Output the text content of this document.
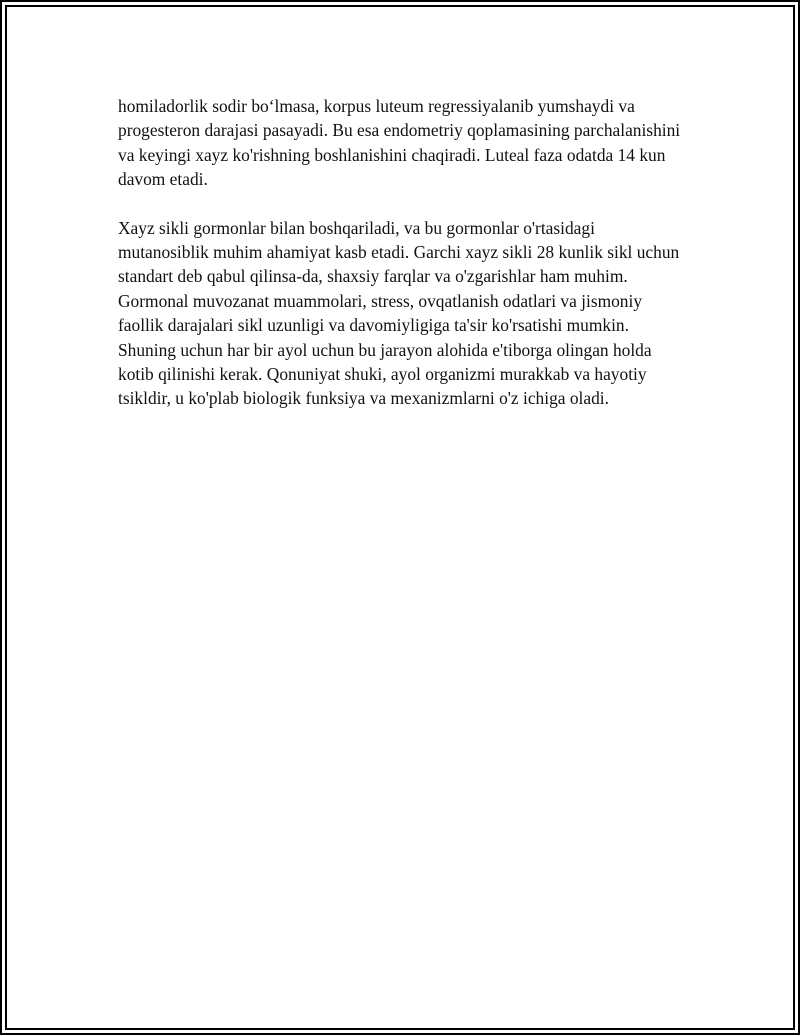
homiladorlik sodir bo‘lmasa, korpus luteum regressiyalanib yumshaydi va progesteron darajasi pasayadi. Bu esa endometriy qoplamasining parchalanishini va keyingi xayz ko'rishning boshlanishini chaqiradi. Luteal faza odatda 14 kun davom etadi.

Xayz sikli gormonlar bilan boshqariladi, va bu gormonlar o'rtasidagi mutanosiblik muhim ahamiyat kasb etadi. Garchi xayz sikli 28 kunlik sikl uchun standart deb qabul qilinsa-da, shaxsiy farqlar va o'zgarishlar ham muhim. Gormonal muvozanat muammolari, stress, ovqatlanish odatlari va jismoniy faollik darajalari sikl uzunligi va davomiyligiga ta'sir ko'rsatishi mumkin. Shuning uchun har bir ayol uchun bu jarayon alohida e'tiborga olingan holda kotib qilinishi kerak. Qonuniyat shuki, ayol organizmi murakkab va hayotiy tsikldir, u ko'plab biologik funksiya va mexanizmlarni o'z ichiga oladi.
